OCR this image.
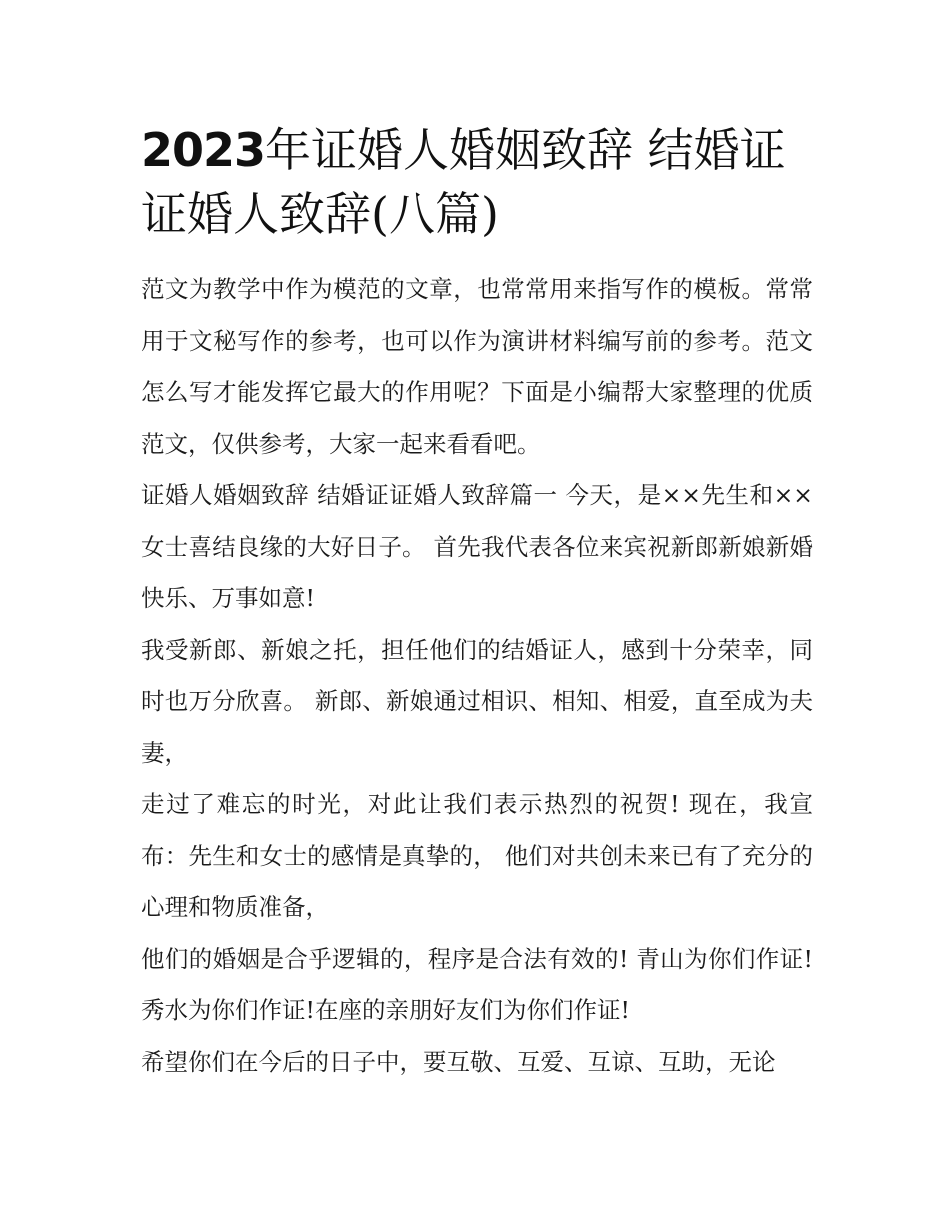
2023年证婚人婚姻致辞 结婚证证婚人致辞(八篇)

范文为教学中作为模范的文章，也常常用来指写作的模板。常常用于文秘写作的参考，也可以作为演讲材料编写前的参考。范文怎么写才能发挥它最大的作用呢？下面是小编帮大家整理的优质范文，仅供参考，大家一起来看看吧。

证婚人婚姻致辞 结婚证证婚人致辞篇一 今天，是××先生和××女士喜结良缘的大好日子。 首先我代表各位来宾祝新郎新娘新婚快乐、万事如意!

我受新郎、新娘之托，担任他们的结婚证人，感到十分荣幸，同时也万分欣喜。 新郎、新娘通过相识、相知、相爱，直至成为夫妻，

走过了难忘的时光，对此让我们表示热烈的祝贺! 现在，我宣布：先生和女士的感情是真挚的， 他们对共创未来已有了充分的心理和物质准备，

他们的婚姻是合乎逻辑的，程序是合法有效的! 青山为你们作证!秀水为你们作证!在座的亲朋好友们为你们作证!

希望你们在今后的日子中，要互敬、互爱、互谅、互助，无论
